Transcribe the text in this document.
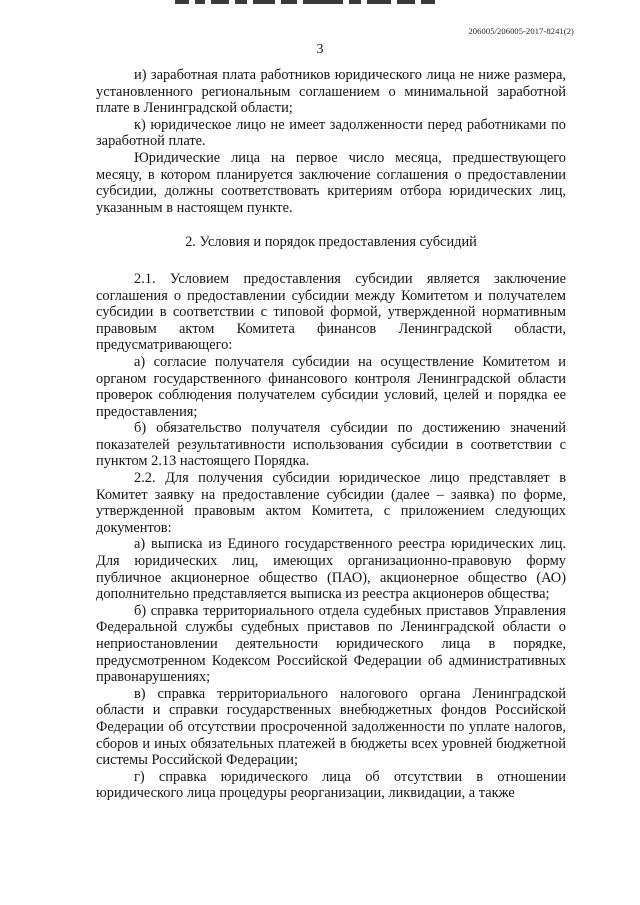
206005/206005-2017-8241(2)
3

и) заработная плата работников юридического лица не ниже размера, установленного региональным соглашением о минимальной заработной плате в Ленинградской области;

к) юридическое лицо не имеет задолженности перед работниками по заработной плате.

Юридические лица на первое число месяца, предшествующего месяцу, в котором планируется заключение соглашения о предоставлении субсидии, должны соответствовать критериям отбора юридических лиц, указанным в настоящем пункте.

2. Условия и порядок предоставления субсидий

2.1. Условием предоставления субсидии является заключение соглашения о предоставлении субсидии между Комитетом и получателем субсидии в соответствии с типовой формой, утвержденной нормативным правовым актом Комитета финансов Ленинградской области, предусматривающего:

а) согласие получателя субсидии на осуществление Комитетом и органом государственного финансового контроля Ленинградской области проверок соблюдения получателем субсидии условий, целей и порядка ее предоставления;

б) обязательство получателя субсидии по достижению значений показателей результативности использования субсидии в соответствии с пунктом 2.13 настоящего Порядка.

2.2. Для получения субсидии юридическое лицо представляет в Комитет заявку на предоставление субсидии (далее – заявка) по форме, утвержденной правовым актом Комитета, с приложением следующих документов:

а) выписка из Единого государственного реестра юридических лиц. Для юридических лиц, имеющих организационно-правовую форму публичное акционерное общество (ПАО), акционерное общество (АО) дополнительно представляется выписка из реестра акционеров общества;

б) справка территориального отдела судебных приставов Управления Федеральной службы судебных приставов по Ленинградской области о неприостановлении деятельности юридического лица в порядке, предусмотренном Кодексом Российской Федерации об административных правонарушениях;

в) справка территориального налогового органа Ленинградской области и справки государственных внебюджетных фондов Российской Федерации об отсутствии просроченной задолженности по уплате налогов, сборов и иных обязательных платежей в бюджеты всех уровней бюджетной системы Российской Федерации;

г) справка юридического лица об отсутствии в отношении юридического лица процедуры реорганизации, ликвидации, а также
